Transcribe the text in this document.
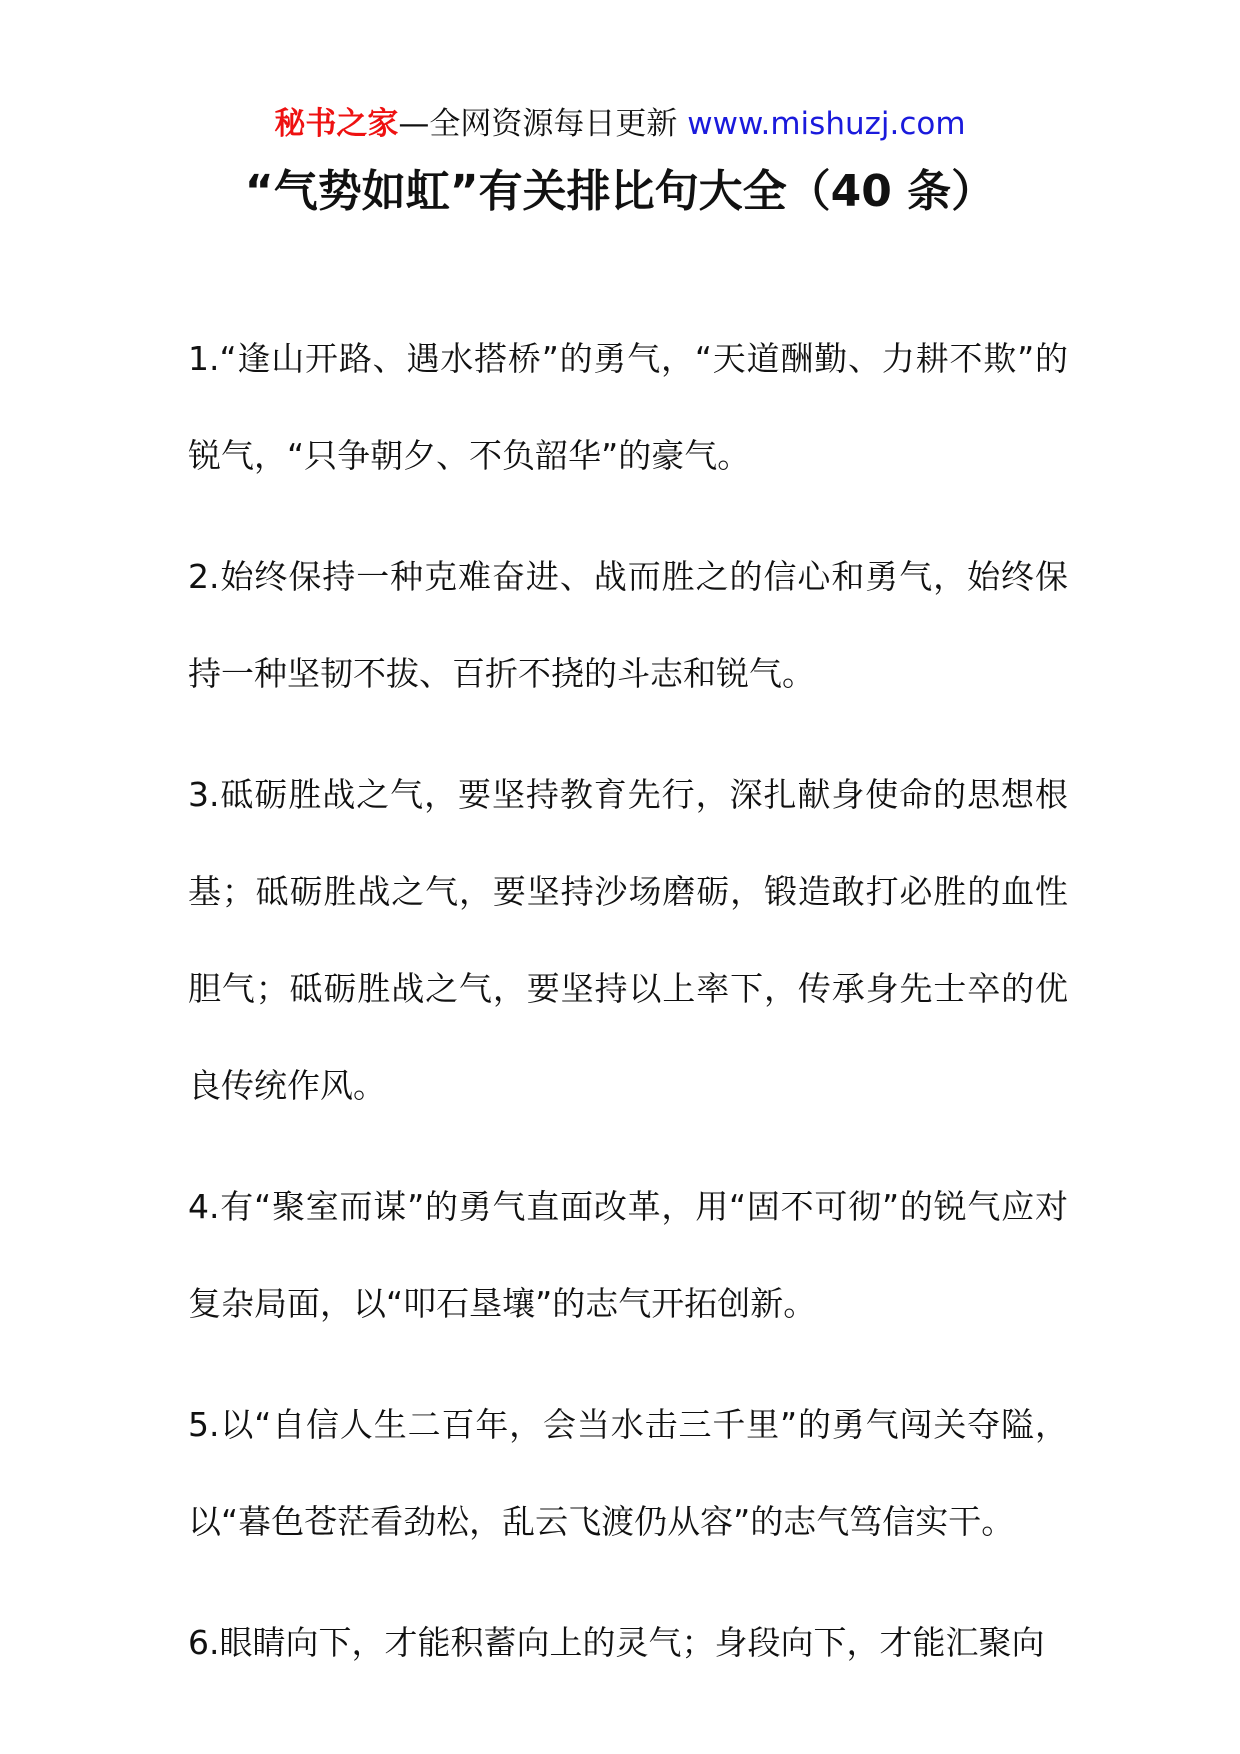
秘书之家—全网资源每日更新 www.mishuzj.com
“气势如虹”有关排比句大全（40 条）

1.“逢山开路、遇水搭桥”的勇气，“天道酬勤、力耕不欺”的锐气，“只争朝夕、不负韶华”的豪气。

2.始终保持一种克难奋进、战而胜之的信心和勇气，始终保持一种坚韧不拔、百折不挠的斗志和锐气。

3.砥砺胜战之气，要坚持教育先行，深扎献身使命的思想根基；砥砺胜战之气，要坚持沙场磨砺，锻造敢打必胜的血性胆气；砥砺胜战之气，要坚持以上率下，传承身先士卒的优良传统作风。

4.有“聚室而谋”的勇气直面改革，用“固不可彻”的锐气应对复杂局面，以“叩石垦壤”的志气开拓创新。

5.以“自信人生二百年，会当水击三千里”的勇气闯关夺隘，以“暮色苍茫看劲松，乱云飞渡仍从容”的志气笃信实干。

6.眼睛向下，才能积蓄向上的灵气；身段向下，才能汇聚向
